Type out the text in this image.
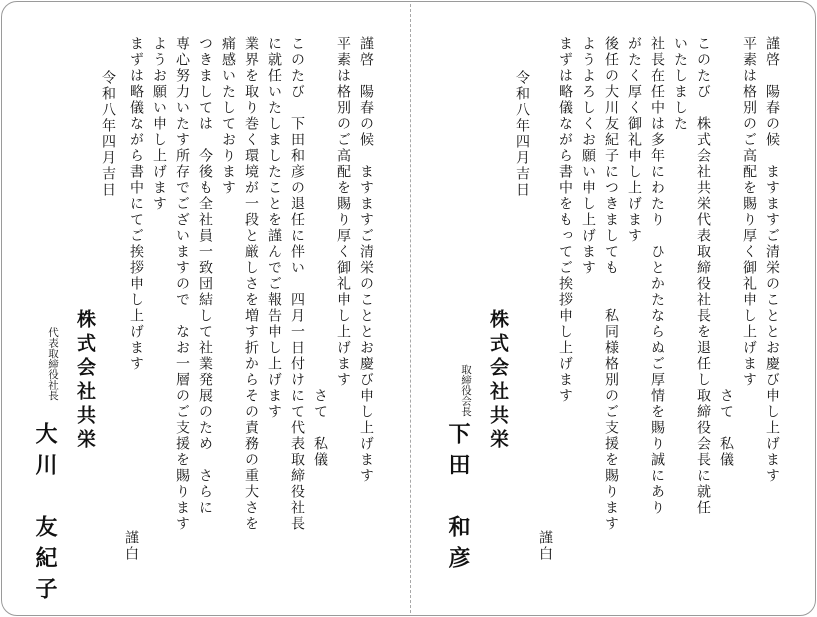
謹啓　陽春の候　ますますご清栄のこととお慶び申し上げます
平素は格別のご高配を賜り厚く御礼申し上げます
　　　　　　　　　　　　　　　　　　　　　　さて　私儀
このたび　株式会社共栄代表取締役社長を退任し取締役会長に就任
いたしました
社長在任中は多年にわたり　ひとかたならぬご厚情を賜り誠にあり
がたく厚く御礼申し上げます
後任の大川友紀子につきましても　　私同様格別のご支援を賜ります
ようよろしくお願い申し上げます
まずは略儀ながら書中をもってご挨拶申し上げます
令和八年四月吉日
謹白
株式会社共栄
取締役会長
下田　和彦
謹啓　陽春の候　ますますご清栄のこととお慶び申し上げます
平素は格別のご高配を賜り厚く御礼申し上げます
　　　　　　　　　　　　　　　　　　　　　　さて　私儀
このたび　下田和彦の退任に伴い　四月一日付けにて代表取締役社長
に就任いたしましたことを謹んでご報告申し上げます
業界を取り巻く環境が一段と厳しさを増す折からその責務の重大さを
痛感いたしております
つきましては　今後も全社員一致団結して社業発展のため　さらに
専心努力いたす所存でございますので　なお一層のご支援を賜ります
ようお願い申し上げます
まずは略儀ながら書中にてご挨拶申し上げます
令和八年四月吉日
謹白
株式会社共栄
代表取締役社長
大川　友紀子
